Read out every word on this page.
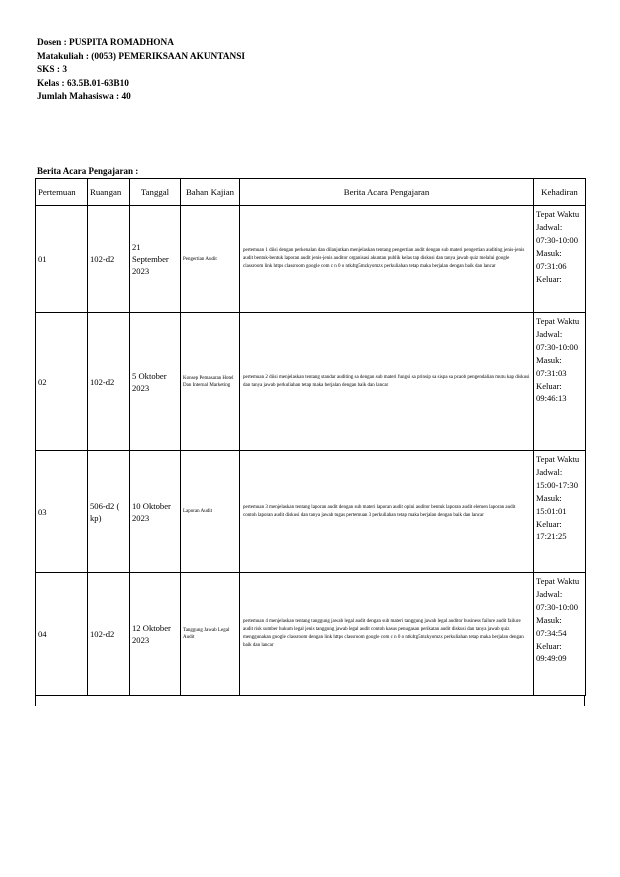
Dosen : PUSPITA ROMADHONA
Matakuliah : (0053) PEMERIKSAAN AKUNTANSI
SKS : 3
Kelas : 63.5B.01-63B10
Jumlah Mahasiswa : 40
Berita Acara Pengajaran :
Pertemuan	Ruangan	Tanggal	Bahan Kajian	Berita Acara Pengajaran	Kehadiran
01	102-d2	21 September 2023	Pengertian Audit	pertemuan 1 diisi dengan perkenalan dan dilanjutkan menjelaskan tentang pengertian audit dengan sub materi pengertian auditing jenis-jenis audit bentuk-bentuk laporan audit jenis-jenis auditor organisasi akuntan publik kelas tap diskusi dan tanya jawab quiz melalui google classroom link https classroom google com c n 0 o ntk4tg5mzkyomzx perkuliahan tetap maka berjalan dengan baik dan lancar	Tepat Waktu Jadwal: 07:30-10:00 Masuk: 07:31:06 Keluar:
02	102-d2	5 Oktober 2023	Konsep Pemasaran Hotel Dan Internal Marketing	pertemuan 2 diisi menjelaskan tentang standar auditing sa dengan sub materi fungsi sa prinsip sa sispa sa pcaob pengendalian mutu kap diskusi dan tanya jawab perkuliahan tetap maka berjalan dengan baik dan lancar	Tepat Waktu Jadwal: 07:30-10:00 Masuk: 07:31:03 Keluar: 09:46:13
03	506-d2 ( kp)	10 Oktober 2023	Laporan Audit	pertemuan 3 menjelaskan tentang laporan audit dengan sub materi laporan audit opini auditor bentuk laporan audit elemen laporan audit contoh laporan audit diskusi dan tanya jawab tugas pertemuan 3 perkuliahan tetap maka berjalan dengan baik dan lancar	Tepat Waktu Jadwal: 15:00-17:30 Masuk: 15:01:01 Keluar: 17:21:25
04	102-d2	12 Oktober 2023	Tanggung Jawab Legal Audit	pertemuan 4 menjelaskan tentang tanggung jawab legal audit dengan sub materi tanggung jawab legal auditor business failure audit failure audit risk sumber hukum legal jenis tanggung jawab legal audit contoh kasus penugasan perikatan audit diskusi dan tanya jawab quiz menggunakan google classroom dengan link https classroom google com c n 0 o ntk4tg5mzkyomzx perkuliahan tetap maka berjalan dengan baik dan lancar	Tepat Waktu Jadwal: 07:30-10:00 Masuk: 07:34:54 Keluar: 09:49:09
